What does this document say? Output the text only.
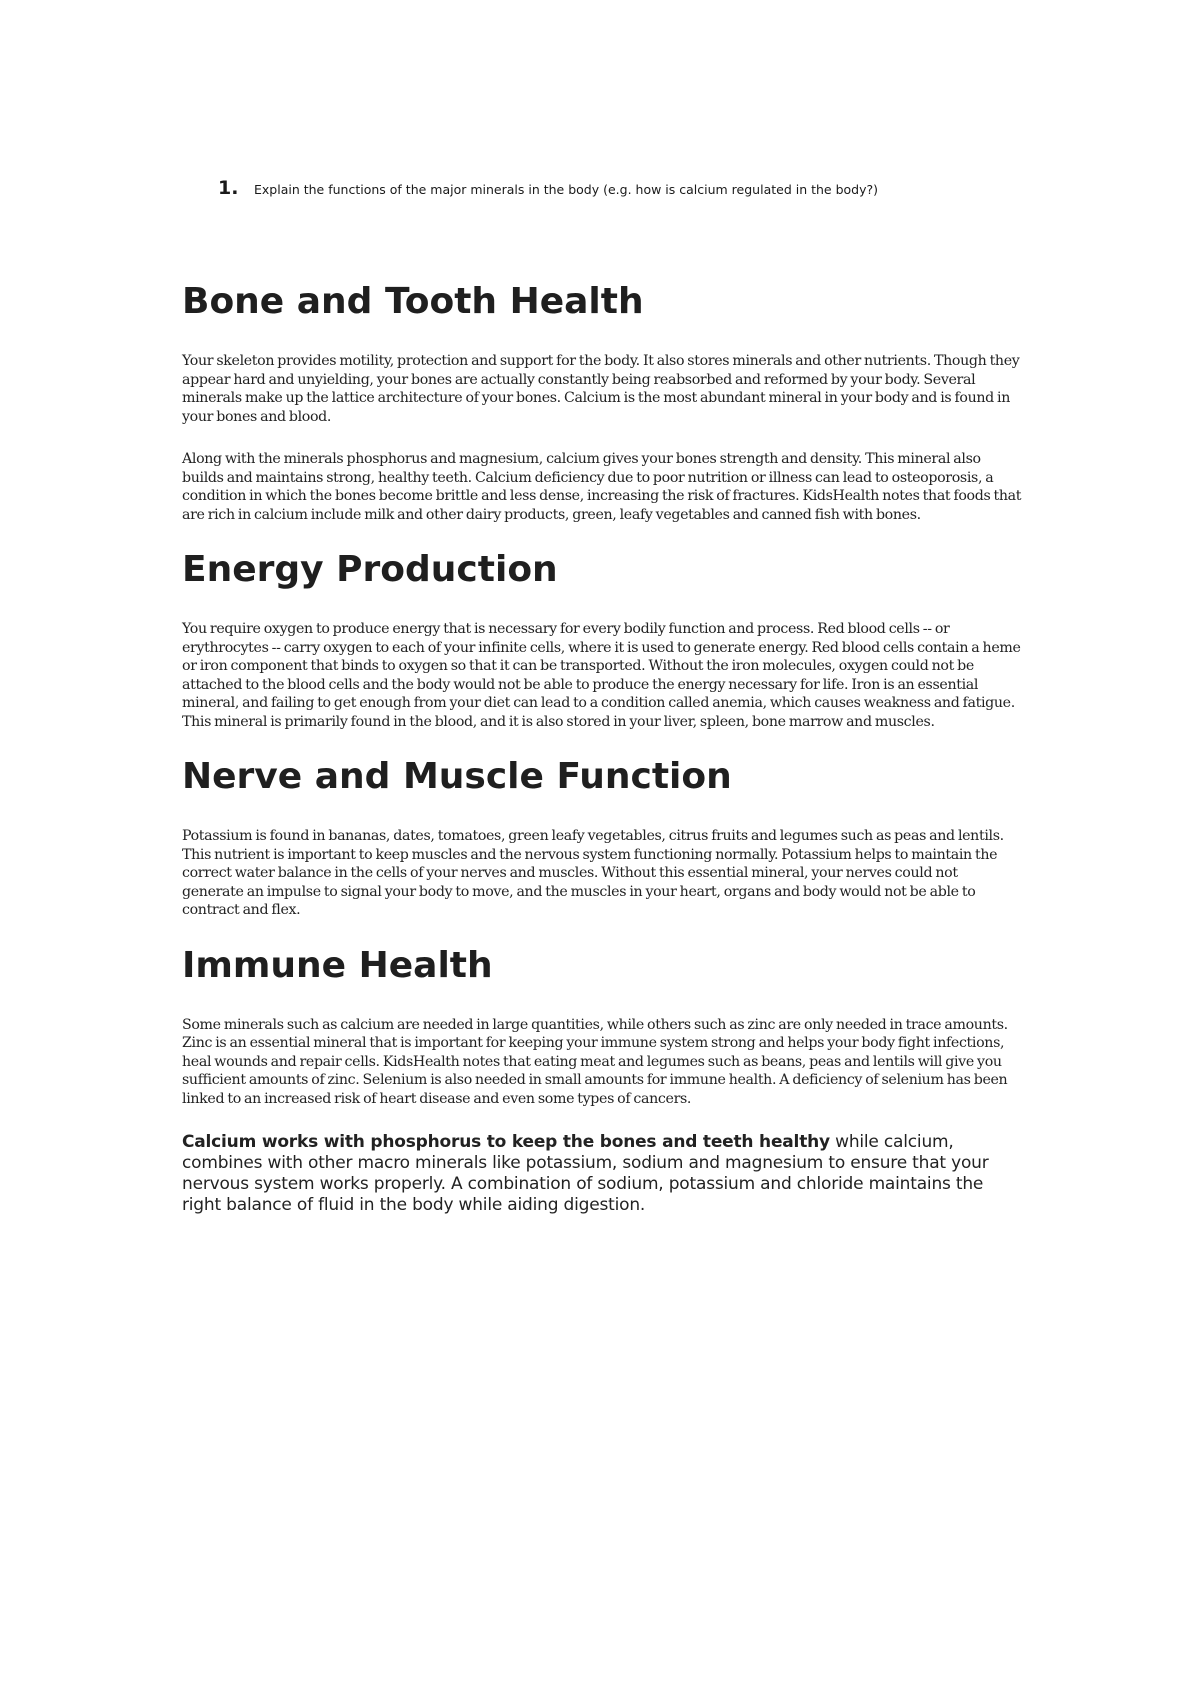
1. Explain the functions of the major minerals in the body (e.g. how is calcium regulated in the body?)
Bone and Tooth Health

Your skeleton provides motility, protection and support for the body. It also stores minerals and other nutrients. Though they appear hard and unyielding, your bones are actually constantly being reabsorbed and reformed by your body. Several minerals make up the lattice architecture of your bones. Calcium is the most abundant mineral in your body and is found in your bones and blood.

Along with the minerals phosphorus and magnesium, calcium gives your bones strength and density. This mineral also builds and maintains strong, healthy teeth. Calcium deficiency due to poor nutrition or illness can lead to osteoporosis, a condition in which the bones become brittle and less dense, increasing the risk of fractures. KidsHealth notes that foods that are rich in calcium include milk and other dairy products, green, leafy vegetables and canned fish with bones.

Energy Production

You require oxygen to produce energy that is necessary for every bodily function and process. Red blood cells -- or erythrocytes -- carry oxygen to each of your infinite cells, where it is used to generate energy. Red blood cells contain a heme or iron component that binds to oxygen so that it can be transported. Without the iron molecules, oxygen could not be attached to the blood cells and the body would not be able to produce the energy necessary for life. Iron is an essential mineral, and failing to get enough from your diet can lead to a condition called anemia, which causes weakness and fatigue. This mineral is primarily found in the blood, and it is also stored in your liver, spleen, bone marrow and muscles.

Nerve and Muscle Function

Potassium is found in bananas, dates, tomatoes, green leafy vegetables, citrus fruits and legumes such as peas and lentils. This nutrient is important to keep muscles and the nervous system functioning normally. Potassium helps to maintain the correct water balance in the cells of your nerves and muscles. Without this essential mineral, your nerves could not generate an impulse to signal your body to move, and the muscles in your heart, organs and body would not be able to contract and flex.

Immune Health

Some minerals such as calcium are needed in large quantities, while others such as zinc are only needed in trace amounts. Zinc is an essential mineral that is important for keeping your immune system strong and helps your body fight infections, heal wounds and repair cells. KidsHealth notes that eating meat and legumes such as beans, peas and lentils will give you sufficient amounts of zinc. Selenium is also needed in small amounts for immune health. A deficiency of selenium has been linked to an increased risk of heart disease and even some types of cancers.

Calcium works with phosphorus to keep the bones and teeth healthy while calcium, combines with other macro minerals like potassium, sodium and magnesium to ensure that your nervous system works properly. A combination of sodium, potassium and chloride maintains the right balance of fluid in the body while aiding digestion.
